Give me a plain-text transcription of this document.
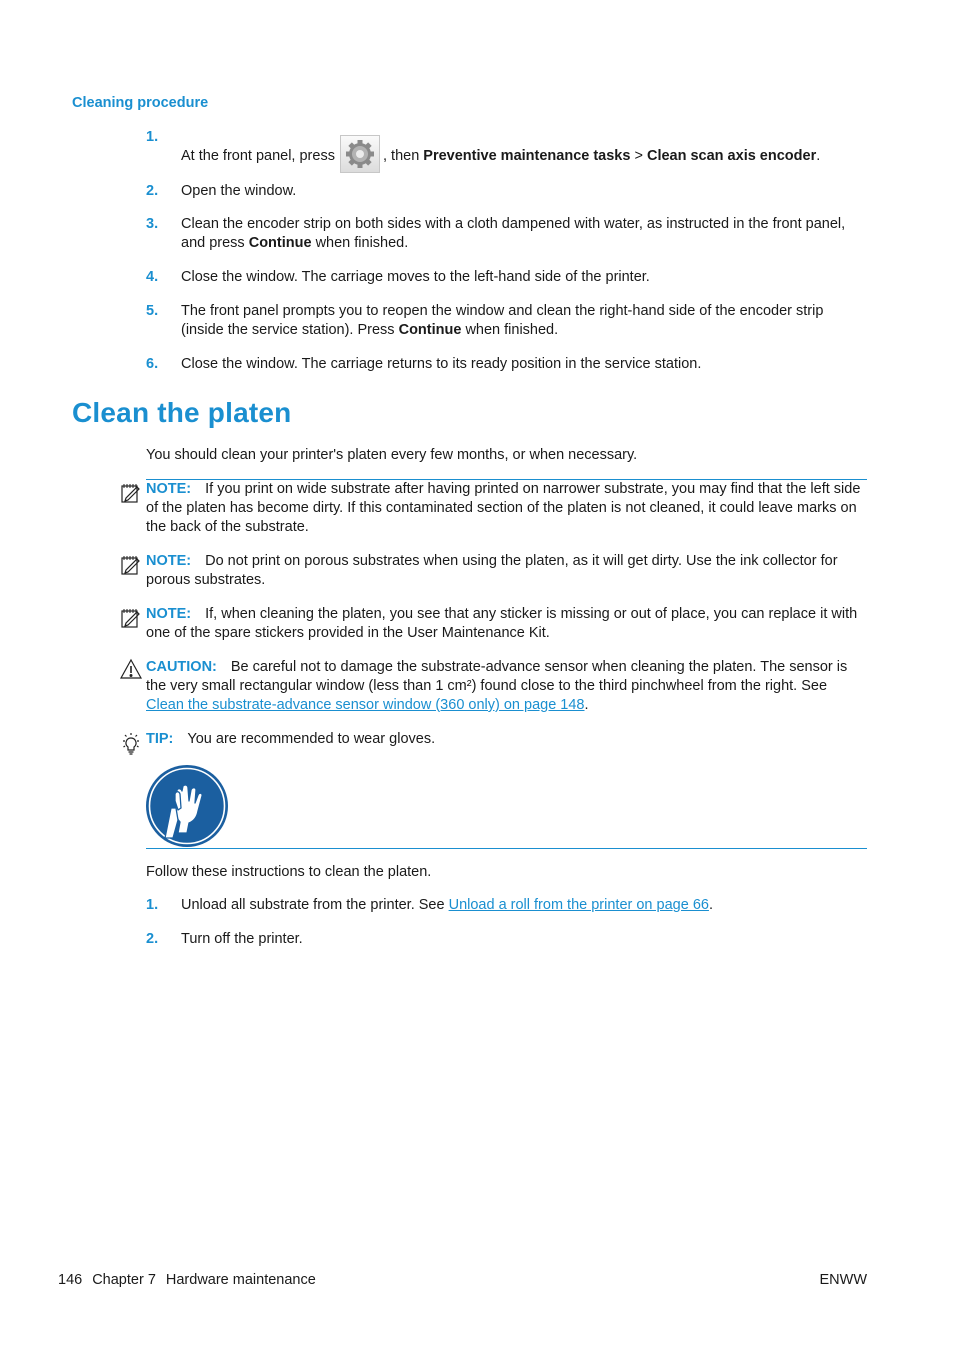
Cleaning procedure
1.
At the front panel, press	, then Preventive maintenance tasks > Clean scan axis encoder.
2.	Open the window.
3.	Clean the encoder strip on both sides with a cloth dampened with water, as instructed in the front panel, and press Continue when finished.
4.	Close the window. The carriage moves to the left-hand side of the printer.
5.	The front panel prompts you to reopen the window and clean the right-hand side of the encoder strip (inside the service station). Press Continue when finished.
6.	Close the window. The carriage returns to its ready position in the service station.
Clean the platen
You should clean your printer's platen every few months, or when necessary.
NOTE: If you print on wide substrate after having printed on narrower substrate, you may find that the left side of the platen has become dirty. If this contaminated section of the platen is not cleaned, it could leave marks on the back of the substrate.
NOTE: Do not print on porous substrates when using the platen, as it will get dirty. Use the ink collector for porous substrates.
NOTE: If, when cleaning the platen, you see that any sticker is missing or out of place, you can replace it with one of the spare stickers provided in the User Maintenance Kit.
CAUTION: Be careful not to damage the substrate-advance sensor when cleaning the platen. The sensor is the very small rectangular window (less than 1 cm²) found close to the third pinchwheel from the right. See Clean the substrate-advance sensor window (360 only) on page 148.
TIP: You are recommended to wear gloves.
Follow these instructions to clean the platen.
1.	Unload all substrate from the printer. See Unload a roll from the printer on page 66.
2.	Turn off the printer.
146 Chapter 7 Hardware maintenance	ENWW
